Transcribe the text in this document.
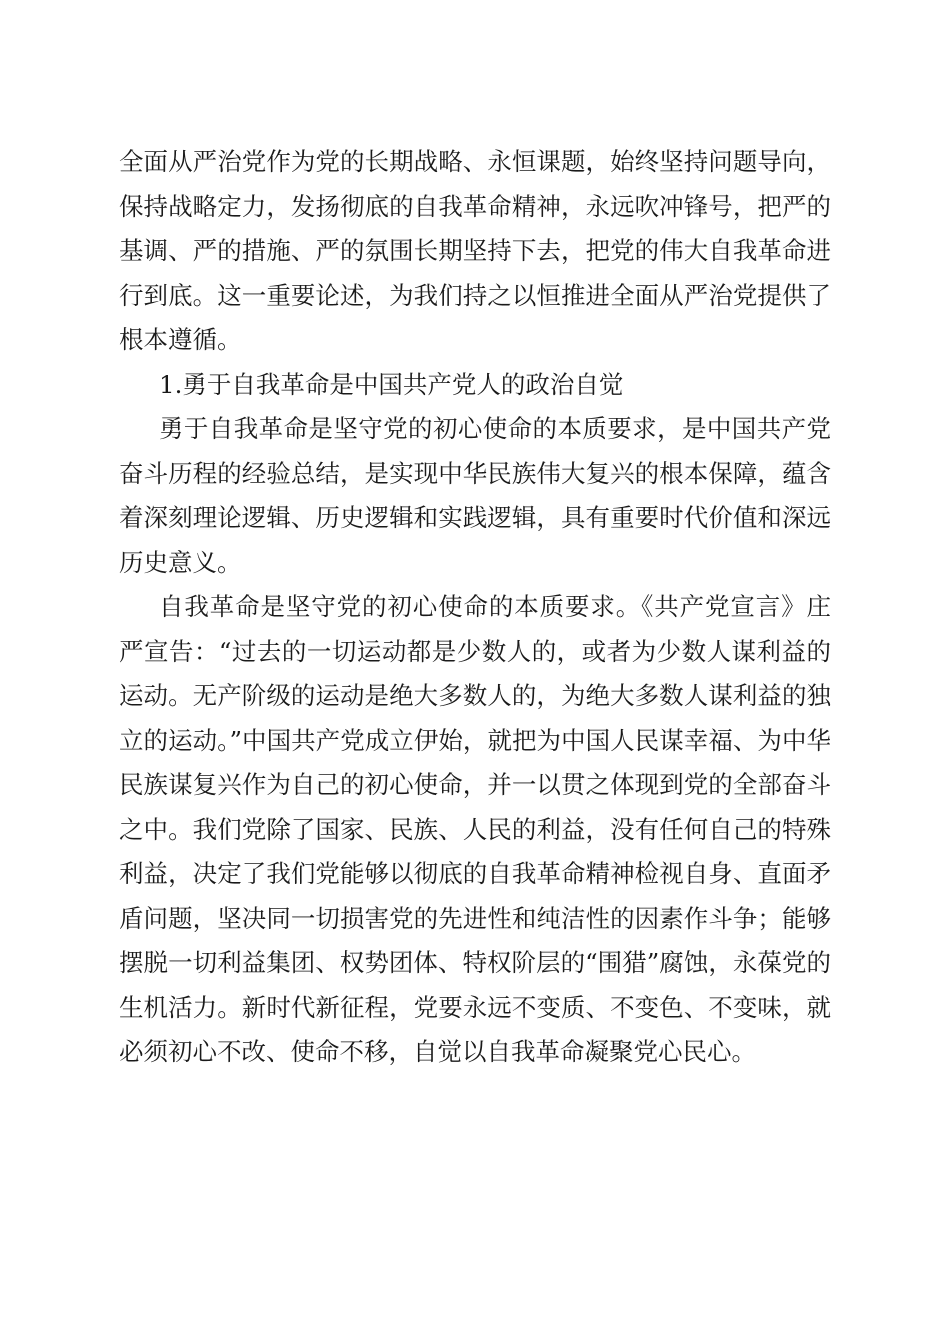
全面从严治党作为党的长期战略、永恒课题，始终坚持问题导向，保持战略定力，发扬彻底的自我革命精神，永远吹冲锋号，把严的基调、严的措施、严的氛围长期坚持下去，把党的伟大自我革命进行到底。这一重要论述，为我们持之以恒推进全面从严治党提供了根本遵循。

1.勇于自我革命是中国共产党人的政治自觉

勇于自我革命是坚守党的初心使命的本质要求，是中国共产党奋斗历程的经验总结，是实现中华民族伟大复兴的根本保障，蕴含着深刻理论逻辑、历史逻辑和实践逻辑，具有重要时代价值和深远历史意义。

自我革命是坚守党的初心使命的本质要求。《共产党宣言》庄严宣告：“过去的一切运动都是少数人的，或者为少数人谋利益的运动。无产阶级的运动是绝大多数人的，为绝大多数人谋利益的独立的运动。”中国共产党成立伊始，就把为中国人民谋幸福、为中华民族谋复兴作为自己的初心使命，并一以贯之体现到党的全部奋斗之中。我们党除了国家、民族、人民的利益，没有任何自己的特殊利益，决定了我们党能够以彻底的自我革命精神检视自身、直面矛盾问题，坚决同一切损害党的先进性和纯洁性的因素作斗争；能够摆脱一切利益集团、权势团体、特权阶层的“围猎”腐蚀，永葆党的生机活力。新时代新征程，党要永远不变质、不变色、不变味，就必须初心不改、使命不移，自觉以自我革命凝聚党心民心。
